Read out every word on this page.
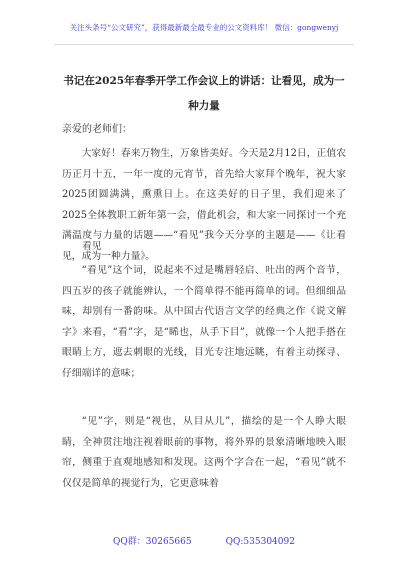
关注头条号“公文研究”，获得最新最全最专业的公文资料库！ 微信：gongwenyj
书记在2025年春季开学工作会议上的讲话：让看见，成为一种力量
亲爱的老师们：

大家好！春来万物生，万象皆美好。今天是2月12日，正值农历正月十五，一年一度的元宵节，首先给大家拜个晚年，祝大家2025团圆满满，熏熏日上。在这美好的日子里，我们迎来了2025全体教职工新年第一会，借此机会，和大家一同探讨一个充满温度与力量的话题——“看见”我今天分享的主题是——《让看见，成为一种力量》。

看见

“看见”这个词，说起来不过是嘴唇轻启、吐出的两个音节，四五岁的孩子就能辨认，一个简单得不能再简单的词。但细细品味，却别有一番韵味。从中国古代语言文学的经典之作《说文解字》来看，“看”字，是“睎也，从手下目”，就像一个人把手搭在眼睛上方，遮去刺眼的光线，目光专注地远眺，有着主动探寻、仔细端详的意味；

“见”字，则是“视也，从目从儿”，描绘的是一个人睁大眼睛，全神贯注地注视着眼前的事物，将外界的景象清晰地映入眼帘，侧重于直观地感知和发现。这两个字合在一起，“看见”就不仅仅是简单的视觉行为，它更意味着

QQ群：30265665	QQ:535304092
